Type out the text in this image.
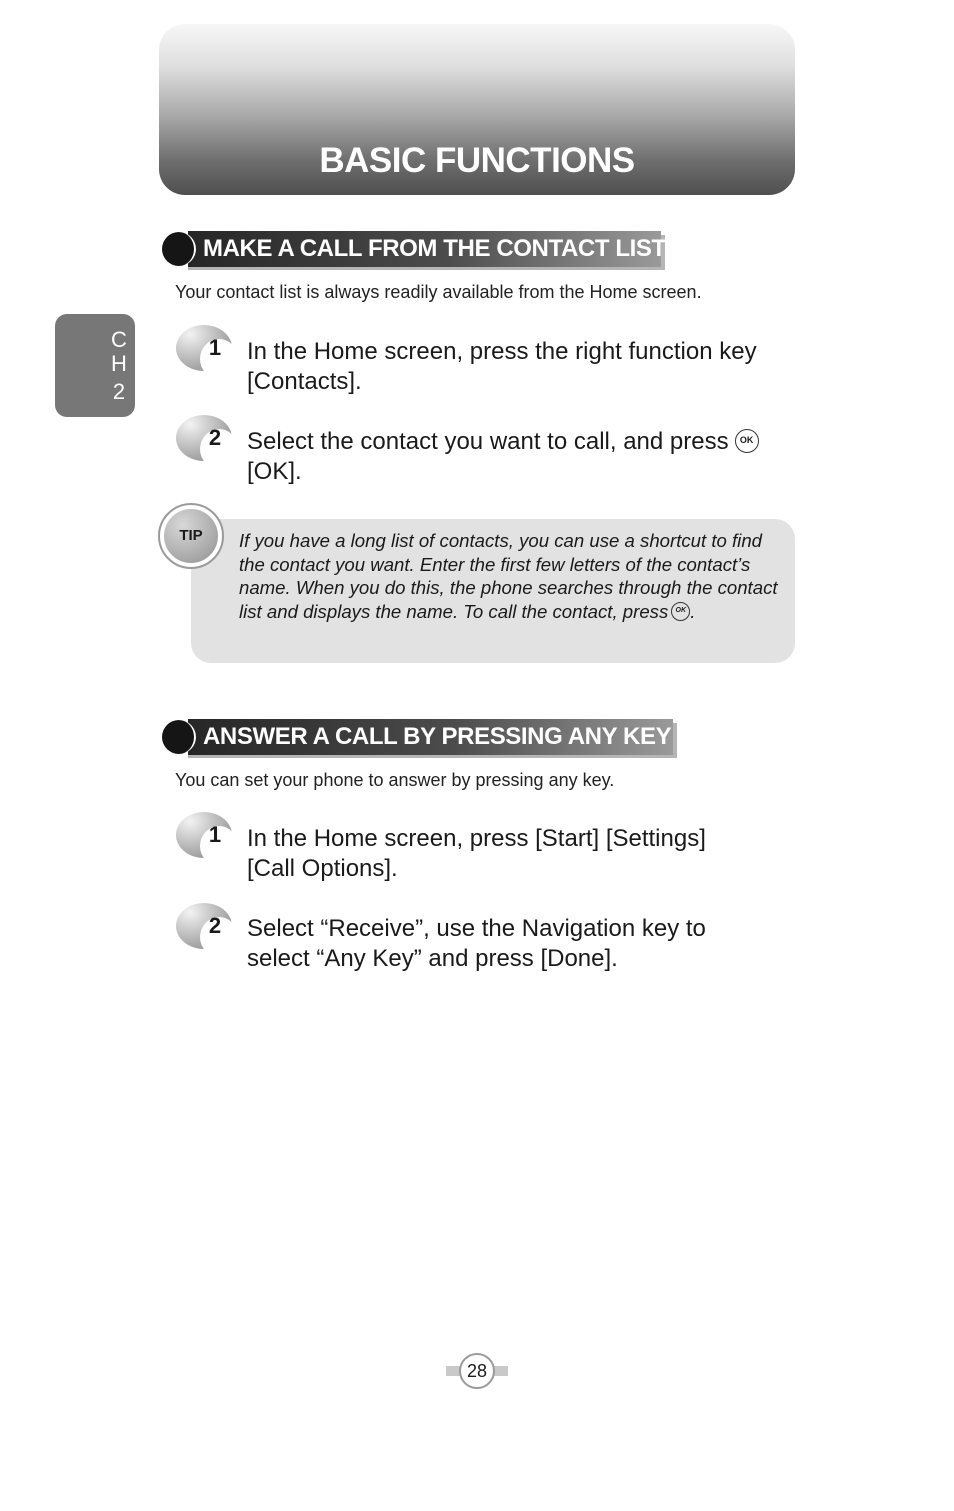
BASIC FUNCTIONS
C
H
2
MAKE A CALL FROM THE CONTACT LIST
Your contact list is always readily available from the Home screen.
1 In the Home screen, press the right function key [Contacts].
2 Select the contact you want to call, and press OK [OK].
TIP	If you have a long list of contacts, you can use a shortcut to find the contact you want. Enter the first few letters of the contact’s name. When you do this, the phone searches through the contact list and displays the name. To call the contact, press OK .
ANSWER A CALL BY PRESSING ANY KEY
You can set your phone to answer by pressing any key.
1 In the Home screen, press [Start] [Settings] [Call Options].
2 Select “Receive”, use the Navigation key to select “Any Key” and press [Done].
28
